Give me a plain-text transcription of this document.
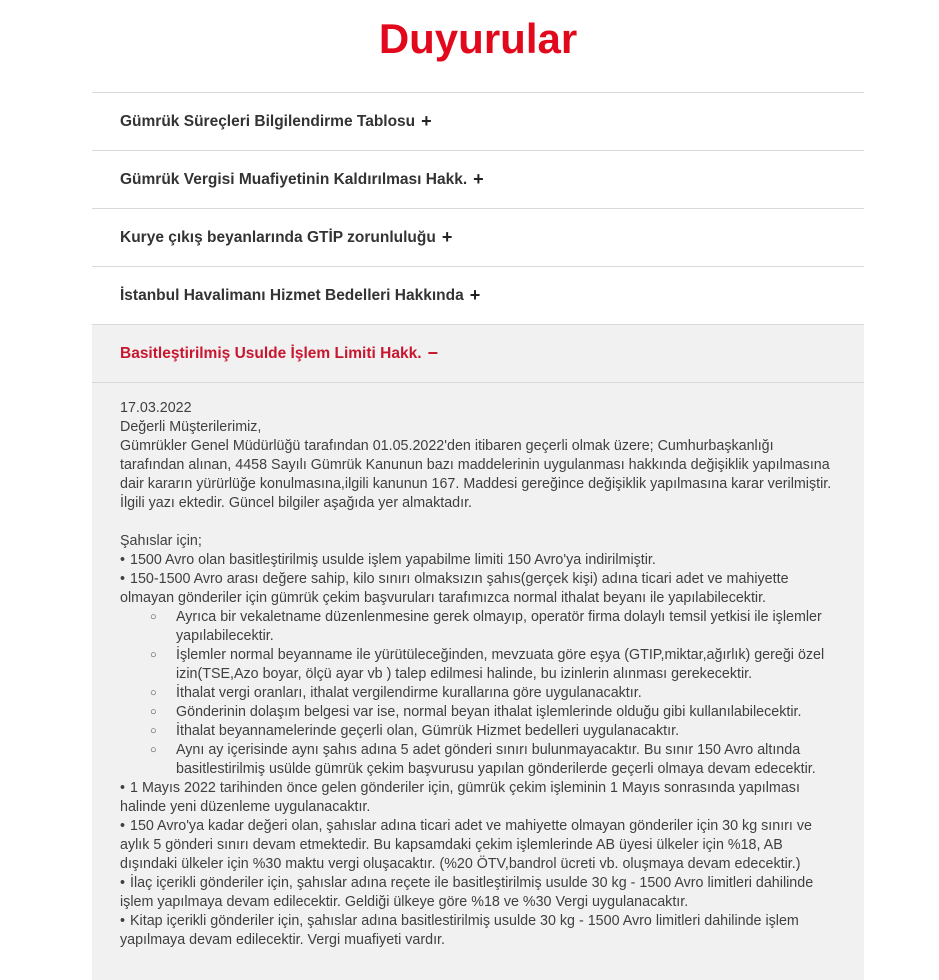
Duyurular
Gümrük Süreçleri Bilgilendirme Tablosu +
Gümrük Vergisi Muafiyetinin Kaldırılması Hakk. +
Kurye çıkış beyanlarında GTİP zorunluluğu +
İstanbul Havalimanı Hizmet Bedelleri Hakkında +
Basitleştirilmiş Usulde İşlem Limiti Hakk. −

17.03.2022

Değerli Müşterilerimiz,

Gümrükler Genel Müdürlüğü tarafından 01.05.2022'den itibaren geçerli olmak üzere; Cumhurbaşkanlığı tarafından alınan, 4458 Sayılı Gümrük Kanunun bazı maddelerinin uygulanması hakkında değişiklik yapılmasına dair kararın yürürlüğe konulmasına,ilgili kanunun 167. Maddesi gereğince değişiklik yapılmasına karar verilmiştir. İlgili yazı ektedir. Güncel bilgiler aşağıda yer almaktadır.

Şahıslar için;

• 1500 Avro olan basitleştirilmiş usulde işlem yapabilme limiti 150 Avro'ya indirilmiştir.

• 150-1500 Avro arası değere sahip, kilo sınırı olmaksızın şahıs(gerçek kişi) adına ticari adet ve mahiyette olmayan gönderiler için gümrük çekim başvuruları tarafımızca normal ithalat beyanı ile yapılabilecektir.

○	Ayrıca bir vekaletname düzenlenmesine gerek olmayıp, operatör firma dolaylı temsil yetkisi ile işlemler yapılabilecektir.
○	İşlemler normal beyanname ile yürütüleceğinden, mevzuata göre eşya (GTIP,miktar,ağırlık) gereği özel izin(TSE,Azo boyar, ölçü ayar vb ) talep edilmesi halinde, bu izinlerin alınması gerekecektir.
○	İthalat vergi oranları, ithalat vergilendirme kurallarına göre uygulanacaktır.
○	Gönderinin dolaşım belgesi var ise, normal beyan ithalat işlemlerinde olduğu gibi kullanılabilecektir.
○	İthalat beyannamelerinde geçerli olan, Gümrük Hizmet bedelleri uygulanacaktır.
○	Aynı ay içerisinde aynı şahıs adına 5 adet gönderi sınırı bulunmayacaktır. Bu sınır 150 Avro altında basitlestirilmiş usülde gümrük çekim başvurusu yapılan gönderilerde geçerli olmaya devam edecektir.

• 1 Mayıs 2022 tarihinden önce gelen gönderiler için, gümrük çekim işleminin 1 Mayıs sonrasında yapılması halinde yeni düzenleme uygulanacaktır.

• 150 Avro'ya kadar değeri olan, şahıslar adına ticari adet ve mahiyette olmayan gönderiler için 30 kg sınırı ve aylık 5 gönderi sınırı devam etmektedir. Bu kapsamdaki çekim işlemlerinde AB üyesi ülkeler için %18, AB dışındaki ülkeler için %30 maktu vergi oluşacaktır. (%20 ÖTV,bandrol ücreti vb. oluşmaya devam edecektir.)

• İlaç içerikli gönderiler için, şahıslar adına reçete ile basitleştirilmiş usulde 30 kg - 1500 Avro limitleri dahilinde işlem yapılmaya devam edilecektir. Geldiği ülkeye göre %18 ve %30 Vergi uygulanacaktır.

• Kitap içerikli gönderiler için, şahıslar adına basitlestirilmiş usulde 30 kg - 1500 Avro limitleri dahilinde işlem yapılmaya devam edilecektir. Vergi muafiyeti vardır.
